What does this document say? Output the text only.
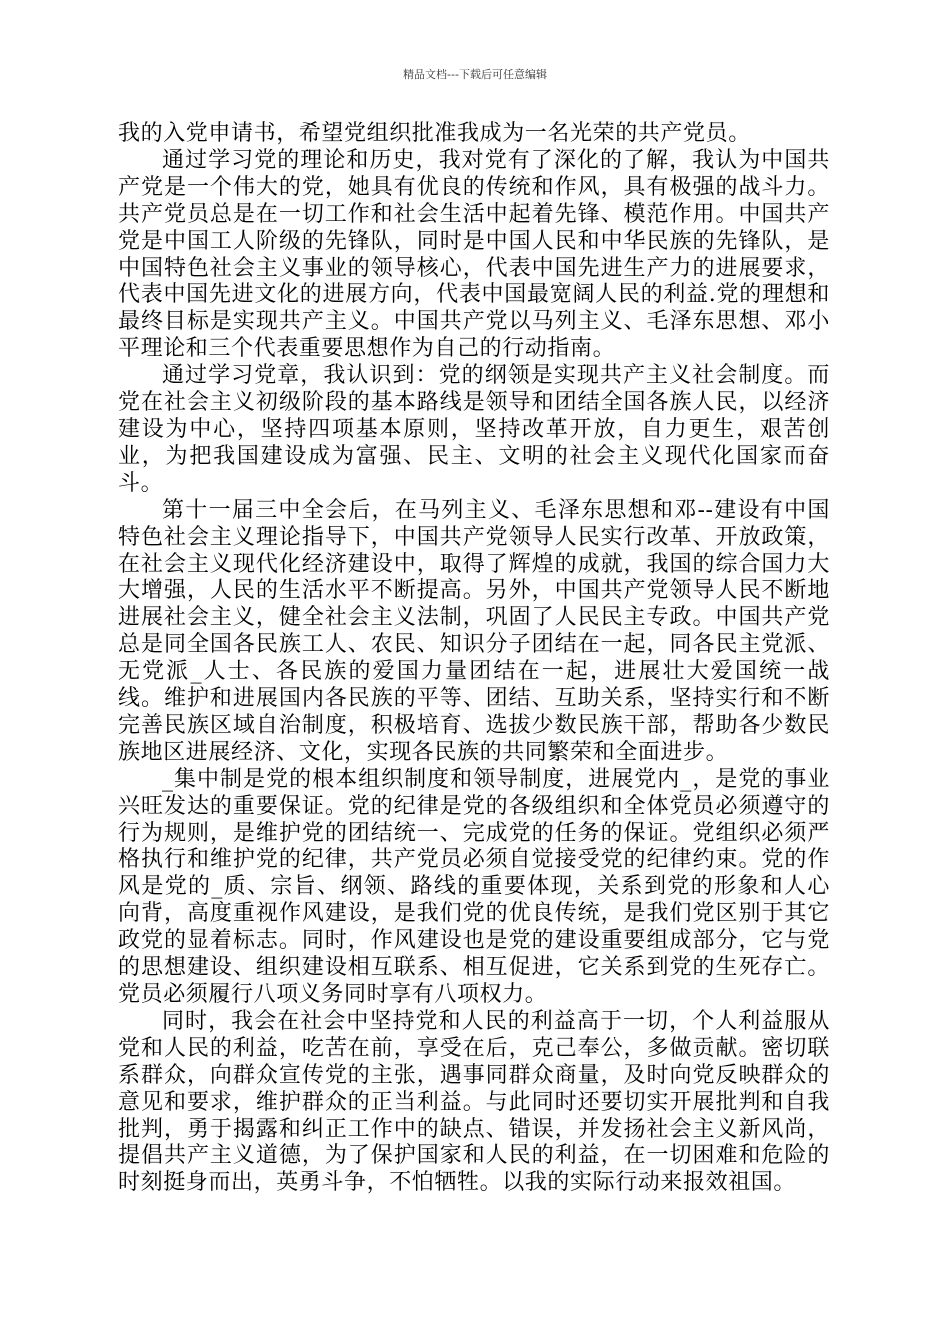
精品文档---下载后可任意编辑

我的入党申请书，希望党组织批准我成为一名光荣的共产党员。

通过学习党的理论和历史，我对党有了深化的了解，我认为中国共产党是一个伟大的党，她具有优良的传统和作风，具有极强的战斗力。共产党员总是在一切工作和社会生活中起着先锋、模范作用。中国共产党是中国工人阶级的先锋队，同时是中国人民和中华民族的先锋队，是中国特色社会主义事业的领导核心，代表中国先进生产力的进展要求，代表中国先进文化的进展方向，代表中国最宽阔人民的利益.党的理想和最终目标是实现共产主义。中国共产党以马列主义、毛泽东思想、邓小平理论和三个代表重要思想作为自己的行动指南。

通过学习党章，我认识到：党的纲领是实现共产主义社会制度。而党在社会主义初级阶段的基本路线是领导和团结全国各族人民，以经济建设为中心，坚持四项基本原则，坚持改革开放，自力更生，艰苦创业，为把我国建设成为富强、民主、文明的社会主义现代化国家而奋斗。

第十一届三中全会后，在马列主义、毛泽东思想和邓--建设有中国特色社会主义理论指导下，中国共产党领导人民实行改革、开放政策，在社会主义现代化经济建设中，取得了辉煌的成就，我国的综合国力大大增强，人民的生活水平不断提高。另外，中国共产党领导人民不断地进展社会主义，健全社会主义法制，巩固了人民民主专政。中国共产党总是同全国各民族工人、农民、知识分子团结在一起，同各民主党派、无党派_人士、各民族的爱国力量团结在一起，进展壮大爱国统一战线。维护和进展国内各民族的平等、团结、互助关系，坚持实行和不断完善民族区域自治制度，积极培育、选拔少数民族干部，帮助各少数民族地区进展经济、文化，实现各民族的共同繁荣和全面进步。

_集中制是党的根本组织制度和领导制度，进展党内_，是党的事业兴旺发达的重要保证。党的纪律是党的各级组织和全体党员必须遵守的行为规则，是维护党的团结统一、完成党的任务的保证。党组织必须严格执行和维护党的纪律，共产党员必须自觉接受党的纪律约束。党的作风是党的_质、宗旨、纲领、路线的重要体现，关系到党的形象和人心向背，高度重视作风建设，是我们党的优良传统，是我们党区别于其它政党的显着标志。同时，作风建设也是党的建设重要组成部分，它与党的思想建设、组织建设相互联系、相互促进，它关系到党的生死存亡。党员必须履行八项义务同时享有八项权力。

同时，我会在社会中坚持党和人民的利益高于一切，个人利益服从党和人民的利益，吃苦在前，享受在后，克己奉公，多做贡献。密切联系群众，向群众宣传党的主张，遇事同群众商量，及时向党反映群众的意见和要求，维护群众的正当利益。与此同时还要切实开展批判和自我批判，勇于揭露和纠正工作中的缺点、错误，并发扬社会主义新风尚，提倡共产主义道德，为了保护国家和人民的利益，在一切困难和危险的时刻挺身而出，英勇斗争，不怕牺牲。以我的实际行动来报效祖国。
